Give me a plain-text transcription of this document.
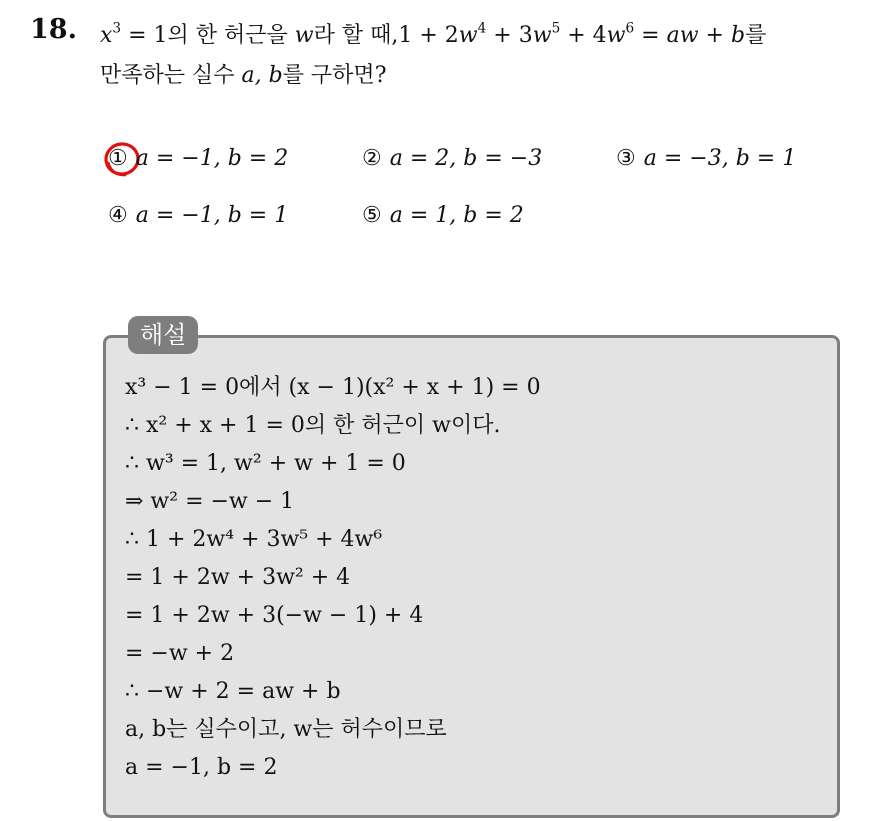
18. $x^3 = 1$의 한 허근을 w라 할 때$,1 + 2w^4 + 3w^5 + 4w^6$ = aw + b를
만족하는 실수 a, b를 구하면?
① a = −1, b = 2	② a = 2, b = −3	③ a = −3, b = 1
④ a = −1, b = 1	⑤ a = 1, b = 2
해설
x³ − 1 = 0에서 (x − 1)(x² + x + 1) = 0
∴ x² + x + 1 = 0의 한 허근이 w이다.
∴ w³ = 1, w² + w + 1 = 0
⇒ w² = −w − 1
∴ 1 + 2w⁴ + 3w⁵ + 4w⁶
= 1 + 2w + 3w² + 4
= 1 + 2w + 3(−w − 1) + 4
= −w + 2
∴ −w + 2 = aw + b
a, b는 실수이고, w는 허수이므로
a = −1, b = 2
